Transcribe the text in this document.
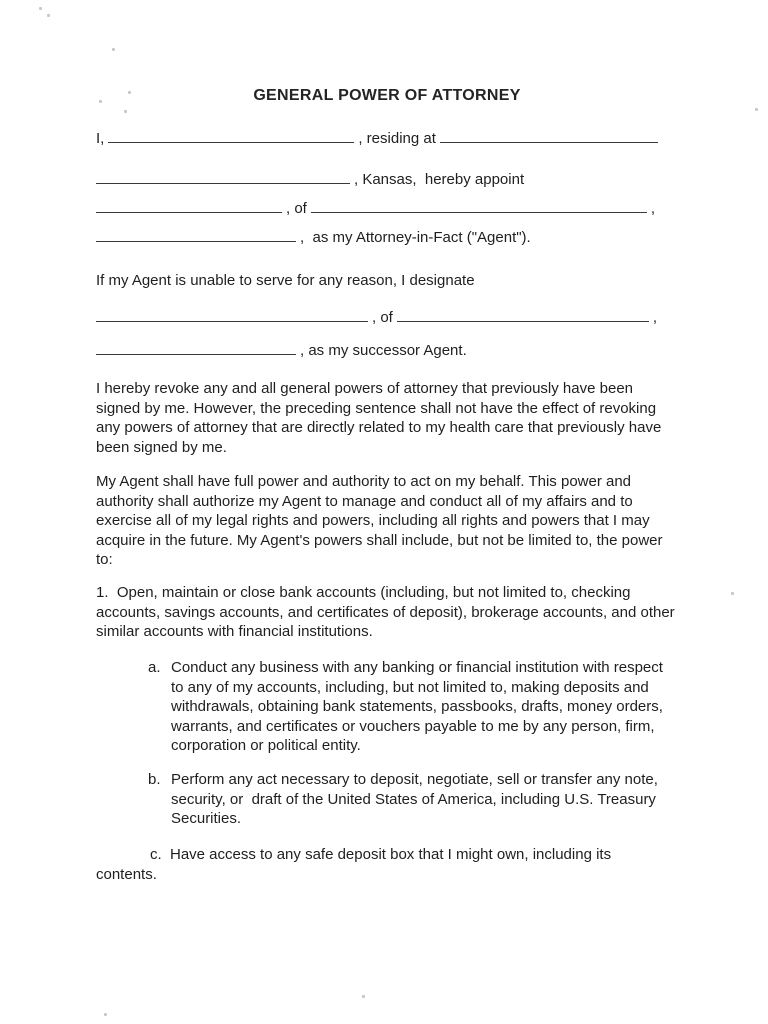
GENERAL POWER OF ATTORNEY
I,	, residing at
, Kansas,  hereby appoint
, of	,
,  as my Attorney-in-Fact ("Agent").
If my Agent is unable to serve for any reason, I designate
, of	,
, as my successor Agent.
I hereby revoke any and all general powers of attorney that previously have been signed by me. However, the preceding sentence shall not have the effect of revoking any powers of attorney that are directly related to my health care that previously have been signed by me.
My Agent shall have full power and authority to act on my behalf. This power and authority shall authorize my Agent to manage and conduct all of my affairs and to exercise all of my legal rights and powers, including all rights and powers that I may acquire in the future. My Agent's powers shall include, but not be limited to, the power to:
1.  Open, maintain or close bank accounts (including, but not limited to, checking accounts, savings accounts, and certificates of deposit), brokerage accounts, and other similar accounts with financial institutions.
a. Conduct any business with any banking or financial institution with respect to any of my accounts, including, but not limited to, making deposits and withdrawals, obtaining bank statements, passbooks, drafts, money orders, warrants, and certificates or vouchers payable to me by any person, firm, corporation or political entity.
b. Perform any act necessary to deposit, negotiate, sell or transfer any note, security, or  draft of the United States of America, including U.S. Treasury Securities.
c.  Have access to any safe deposit box that I might own, including its
contents.
